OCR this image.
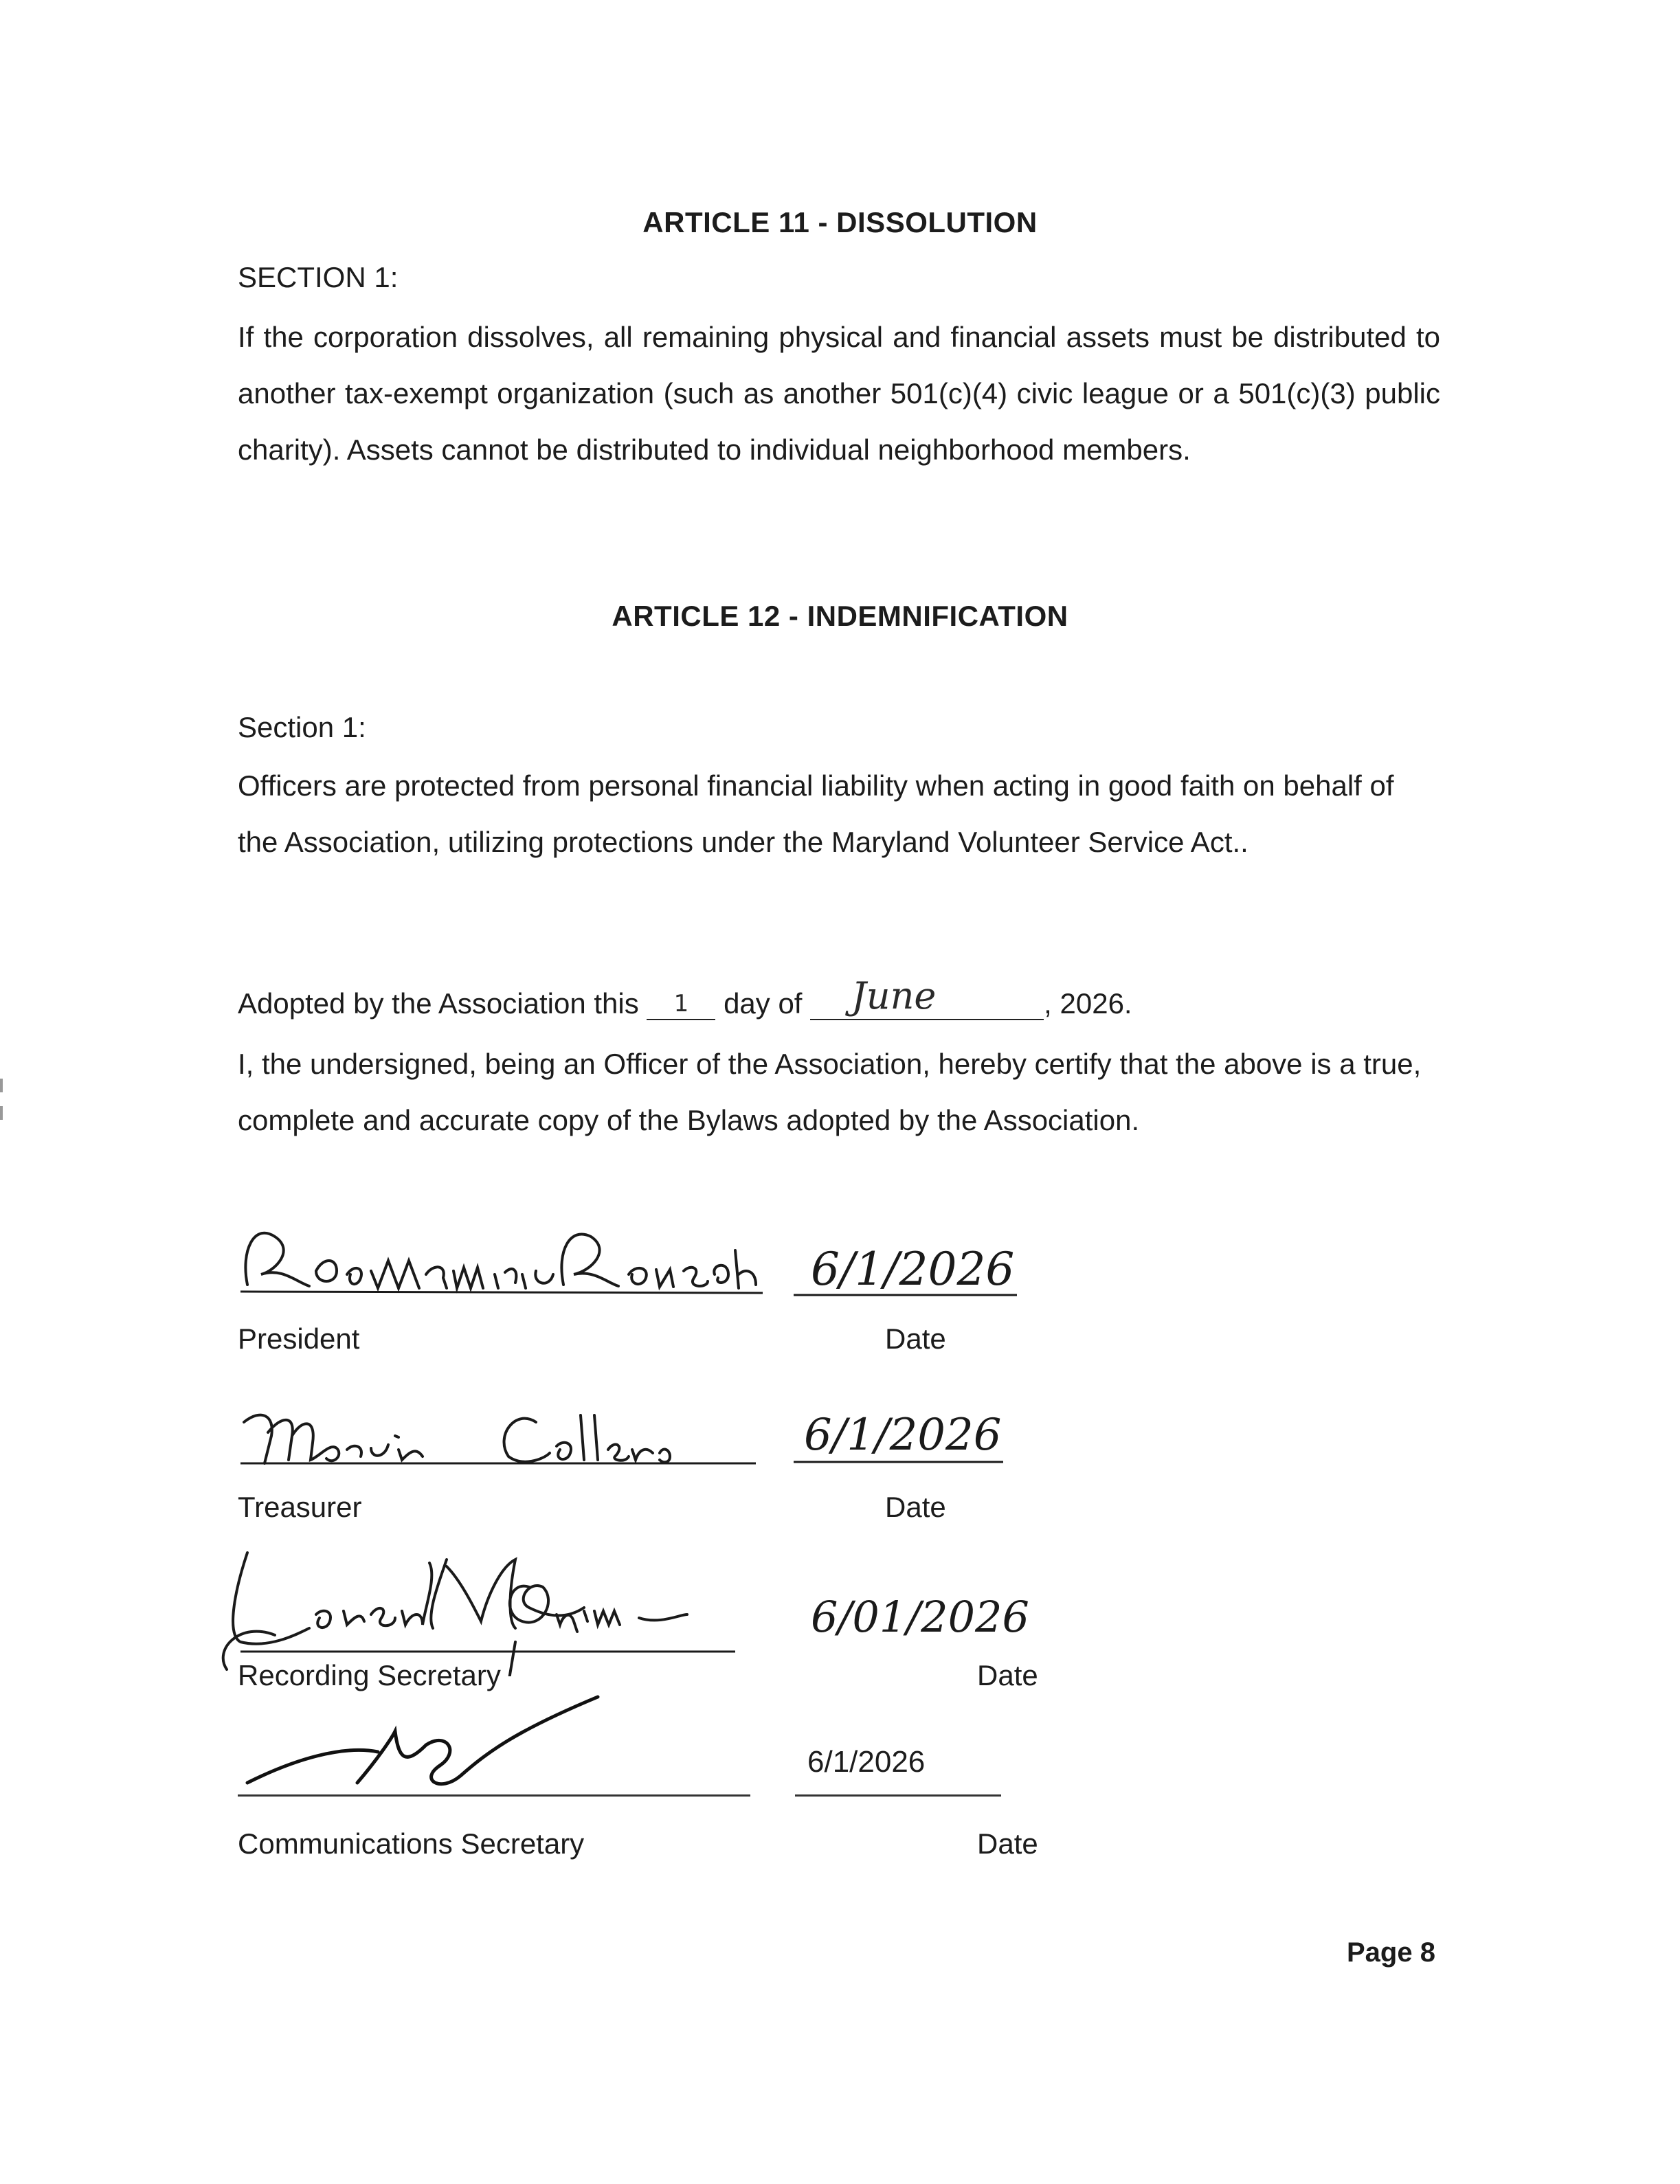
ARTICLE 11 - DISSOLUTION
SECTION 1:
If the corporation dissolves, all remaining physical and financial assets must be distributed to another tax-exempt organization (such as another 501(c)(4) civic league or a 501(c)(3) public charity). Assets cannot be distributed to individual neighborhood members.
ARTICLE 12 - INDEMNIFICATION
Section 1:
Officers are protected from personal financial liability when acting in good faith on behalf of the Association, utilizing protections under the Maryland Volunteer Service Act..
Adopted by the Association this	1	day of June	, 2026.
I, the undersigned, being an Officer of the Association, hereby certify that the above is a true, complete and accurate copy of the Bylaws adopted by the Association.
6/1/2026
President	Date
6/1/2026
Treasurer	Date
6/01/2026
Recording Secretary	Date
6/1/2026
Communications Secretary	Date
Page 8
